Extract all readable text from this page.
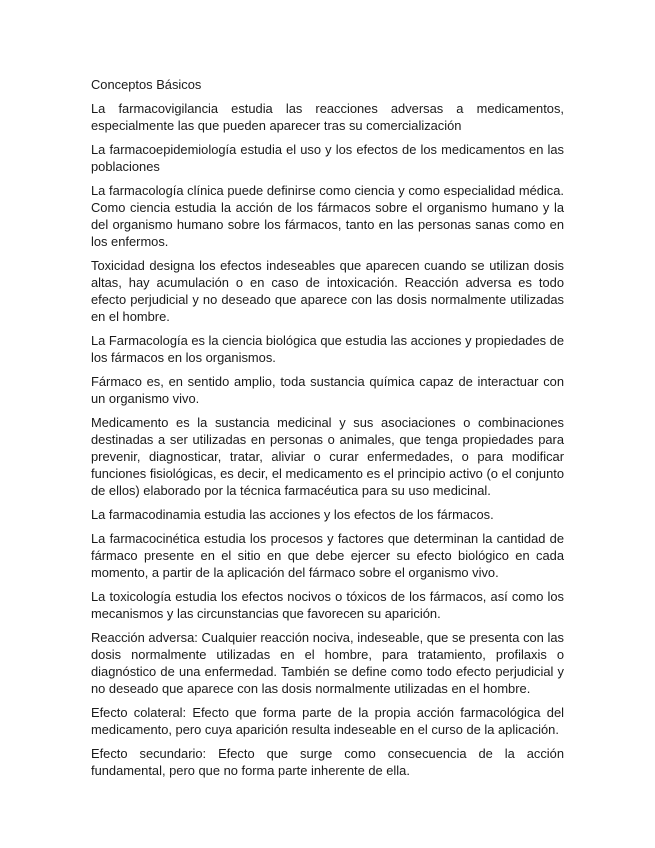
Conceptos Básicos

La farmacovigilancia estudia las reacciones adversas a medicamentos, especialmente las que pueden aparecer tras su comercialización

La farmacoepidemiología estudia el uso y los efectos de los medicamentos en las poblaciones

La farmacología clínica puede definirse como ciencia y como especialidad médica. Como ciencia estudia la acción de los fármacos sobre el organismo humano y la del organismo humano sobre los fármacos, tanto en las personas sanas como en los enfermos.

Toxicidad designa los efectos indeseables que aparecen cuando se utilizan dosis altas, hay acumulación o en caso de intoxicación. Reacción adversa es todo efecto perjudicial y no deseado que aparece con las dosis normalmente utilizadas en el hombre.

La Farmacología es la ciencia biológica que estudia las acciones y propiedades de los fármacos en los organismos.

Fármaco es, en sentido amplio, toda sustancia química capaz de interactuar con un organismo vivo.

Medicamento es la sustancia medicinal y sus asociaciones o combinaciones destinadas a ser utilizadas en personas o animales, que tenga propiedades para prevenir, diagnosticar, tratar, aliviar o curar enfermedades, o para modificar funciones fisiológicas, es decir, el medicamento es el principio activo (o el conjunto de ellos) elaborado por la técnica farmacéutica para su uso medicinal.

La farmacodinamia estudia las acciones y los efectos de los fármacos.

La farmacocinética estudia los procesos y factores que determinan la cantidad de fármaco presente en el sitio en que debe ejercer su efecto biológico en cada momento, a partir de la aplicación del fármaco sobre el organismo vivo.

La toxicología estudia los efectos nocivos o tóxicos de los fármacos, así como los mecanismos y las circunstancias que favorecen su aparición.

Reacción adversa: Cualquier reacción nociva, indeseable, que se presenta con las dosis normalmente utilizadas en el hombre, para tratamiento, profilaxis o diagnóstico de una enfermedad. También se define como todo efecto perjudicial y no deseado que aparece con las dosis normalmente utilizadas en el hombre.

Efecto colateral: Efecto que forma parte de la propia acción farmacológica del medicamento, pero cuya aparición resulta indeseable en el curso de la aplicación.

Efecto secundario: Efecto que surge como consecuencia de la acción fundamental, pero que no forma parte inherente de ella.
